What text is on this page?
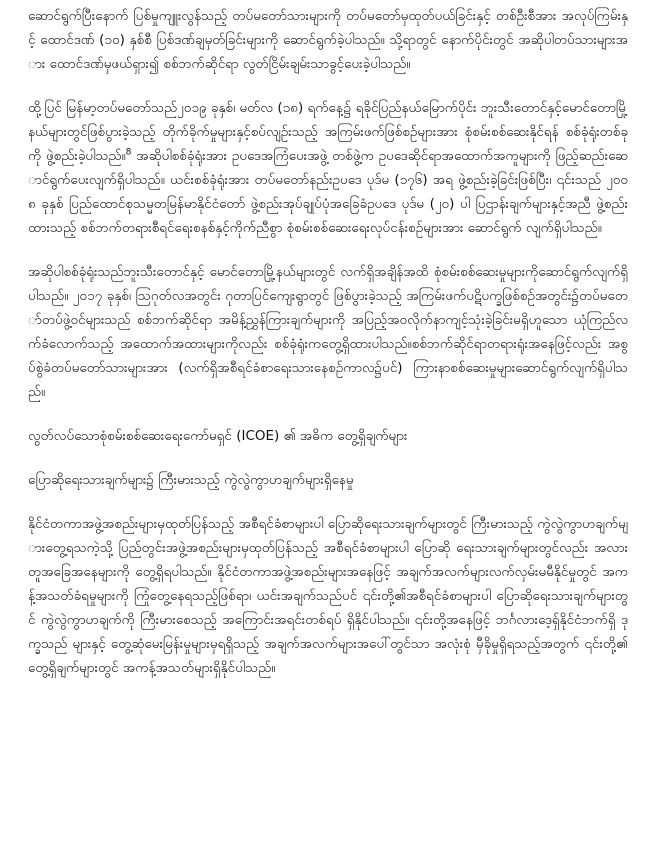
ဆောင်ရွက်ပြီးနောက် ပြစ်မှုကျူးလွန်သည့် တပ်မတော်သားများကို တပ်မတော်မှထုတ်ပယ်ခြင်းနှင့် တစ်ဦးစီအား အလုပ်ကြမ်းနှင့် ထောင်ဒဏ် (၁၀) နှစ်စီ ပြစ်ဒဏ်ချမှတ်ခြင်းများကို ဆောင်ရွက်ခဲ့ပါသည်။ သို့ရာတွင် နောက်ပိုင်းတွင် အဆိုပါတပ်သားများအား ထောင်ဒဏ်မှဖယ်ရှား၍ စစ်ဘက်ဆိုင်ရာ လွတ်ငြိမ်းချမ်းသာခွင့်ပေးခဲ့ပါသည်။

ထို့ပြင် မြန်မာ့တပ်မတော်သည်၂၀၁၉ ခုနှစ်၊ မတ်လ (၁၈) ရက်နေ့၌ ရခိုင်ပြည်နယ်မြောက်ပိုင်း ဘူးသီးတောင်နှင့်မောင်တောမြို့နယ်များတွင်ဖြစ်ပွားခဲ့သည့် တိုက်ခိုက်မှုများနှင့်စပ်လျဉ်းသည့် အကြမ်းဖက်ဖြစ်စဉ်များအား စုံစမ်းစစ်ဆေးနိုင်ရန် စစ်ခုံရုံးတစ်ခုကို ဖွဲ့စည်းခဲ့ပါသည်။$^8$ အဆိုပါစစ်ခုံရုံးအား ဥပဒေအကြံပေးအဖွဲ့ တစ်ဖွဲ့က ဥပဒေဆိုင်ရာအထောက်အကူများကို ဖြည့်ဆည်းဆောင်ရွက်ပေးလျက်ရှိပါသည်။ ယင်းစစ်ခုံရုံးအား တပ်မတော်နည်းဥပဒေ ပုဒ်မ (၁၇၆) အရ ဖွဲ့စည်းခဲ့ခြင်းဖြစ်ပြီး၊ ၎င်းသည် ၂၀၀၈ ခုနှစ် ပြည်ထောင်စုသမ္မတမြန်မာနိုင်ငံတော် ဖွဲ့စည်းအုပ်ချုပ်ပုံအခြေခံဥပဒေ ပုဒ်မ (၂၀) ပါ ပြဌာန်းချက်များနှင့်အညီ ဖွဲ့စည်းထားသည့် စစ်ဘက်တရားစီရင်ရေးစနစ်နှင့်ကိုက်ညီစွာ စုံစမ်းစစ်ဆေးရေးလုပ်ငန်းစဉ်များအား ဆောင်ရွက် လျက်ရှိပါသည်။

အဆိုပါစစ်ခုံရုံးသည်ဘူးသီးတောင်နှင့် မောင်တောမြို့နယ်များတွင် လက်ရှိအချိန်အထိ စုံစမ်းစစ်ဆေးမှုများကိုဆောင်ရွက်လျက်ရှိပါသည်။ ၂၀၁၇ ခုနှစ်၊ ဩဂုတ်လအတွင်း ဂုတာပြင်ကျေးရွာတွင် ဖြစ်ပွားခဲ့သည့် အကြမ်းဖက်ပဋိပက္ခဖြစ်စဉ်အတွင်း၌တပ်မတော်တပ်ဖွဲ့ဝင်များသည် စစ်ဘက်ဆိုင်ရာ အမိန့်ညွှန်ကြားချက်များကို အပြည့်အဝလိုက်နာကျင့်သုံးခဲ့ခြင်းမရှိဟူသော ယုံကြည်လက်ခံလောက်သည့် အထောက်အထားများကိုလည်း စစ်ခုံရုံးကတွေ့ရှိထားပါသည်။စစ်ဘက်ဆိုင်ရာတရားရုံးအနေဖြင့်လည်း အစွပ်စွဲခံတပ်မတော်သားများအား (လက်ရှိအစီရင်ခံစာရေးသားနေစဉ်ကာလ၌ပင်) ကြားနာစစ်ဆေးမှုများဆောင်ရွက်လျက်ရှိပါသည်။

လွတ်လပ်သောစုံစမ်းစစ်ဆေးရေးကော်မရှင် (ICOE) ၏ အဓိက တွေ့ရှိချက်များ
ပြောဆိုရေးသားချက်များ၌ ကြီးမားသည့် ကွဲလွဲကွာဟချက်များရှိနေမှု

နိုင်ငံတကာအဖွဲ့အစည်းများမှထုတ်ပြန်သည့် အစီရင်ခံစာများပါ ပြောဆိုရေးသားချက်များတွင် ကြီးမားသည့် ကွဲလွဲကွာဟချက်များတွေ့ရသကဲ့သို့ ပြည်တွင်းအဖွဲ့အစည်းများမှထုတ်ပြန်သည့် အစီရင်ခံစာများပါ ပြောဆို ရေးသားချက်များတွင်လည်း အလားတူအခြေအနေများကို တွေ့ရှိရပါသည်။ နိုင်ငံတကာအဖွဲ့အစည်းများအနေဖြင့် အချက်အလက်များလက်လှမ်းမမီနိုင်မှုတွင် အကန့်အသတ်ခံရမှုများကို ကြုံတွေ့နေရသည့်ဖြစ်ရာ၊ ယင်းအချက်သည်ပင် ၎င်းတို့၏အစီရင်ခံစာများပါ ပြောဆိုရေးသားချက်များတွင် ကွဲလွဲကွာဟချက်ကို ကြီးမားစေသည့် အကြောင်းအရင်းတစ်ရပ် ရှိနိုင်ပါသည်။ ၎င်းတို့အနေဖြင့် ဘင်္ဂလားဒေ့ရှ်နိုင်ငံဘက်ရှိ ဒုက္ခသည် များနှင့် တွေ့ဆုံမေးမြန်းမှုများမှရရှိသည့် အချက်အလက်များအပေါ်တွင်သာ အလုံးစုံ မှီခိုမှုရှိရသည့်အတွက် ၎င်းတို့၏ တွေ့ရှိချက်များတွင် အကန့်အသတ်များရှိနိုင်ပါသည်။
